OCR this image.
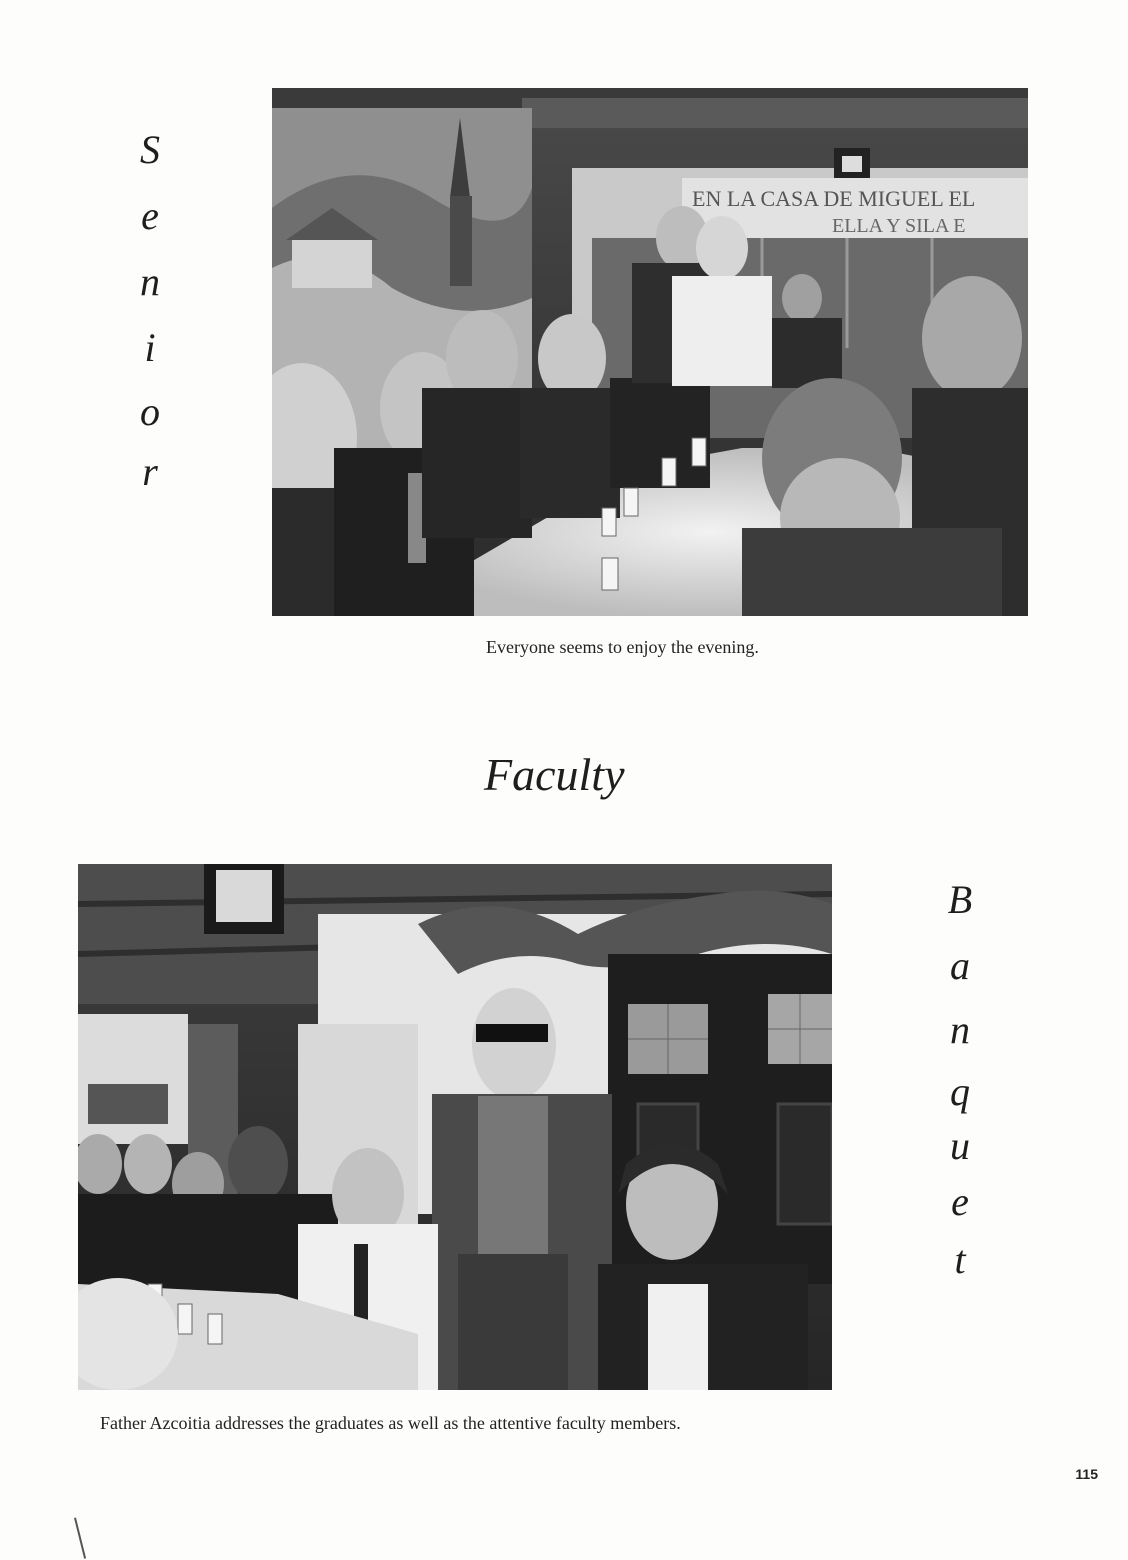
S
e
n
i
o
r
EN LA CASA DE MIGUEL EL
ELLA Y SILA E
Everyone seems to enjoy the evening.
Faculty
Father Azcoitia addresses the graduates as well as the attentive faculty members.
B
a
n
q
u
e
t
115
